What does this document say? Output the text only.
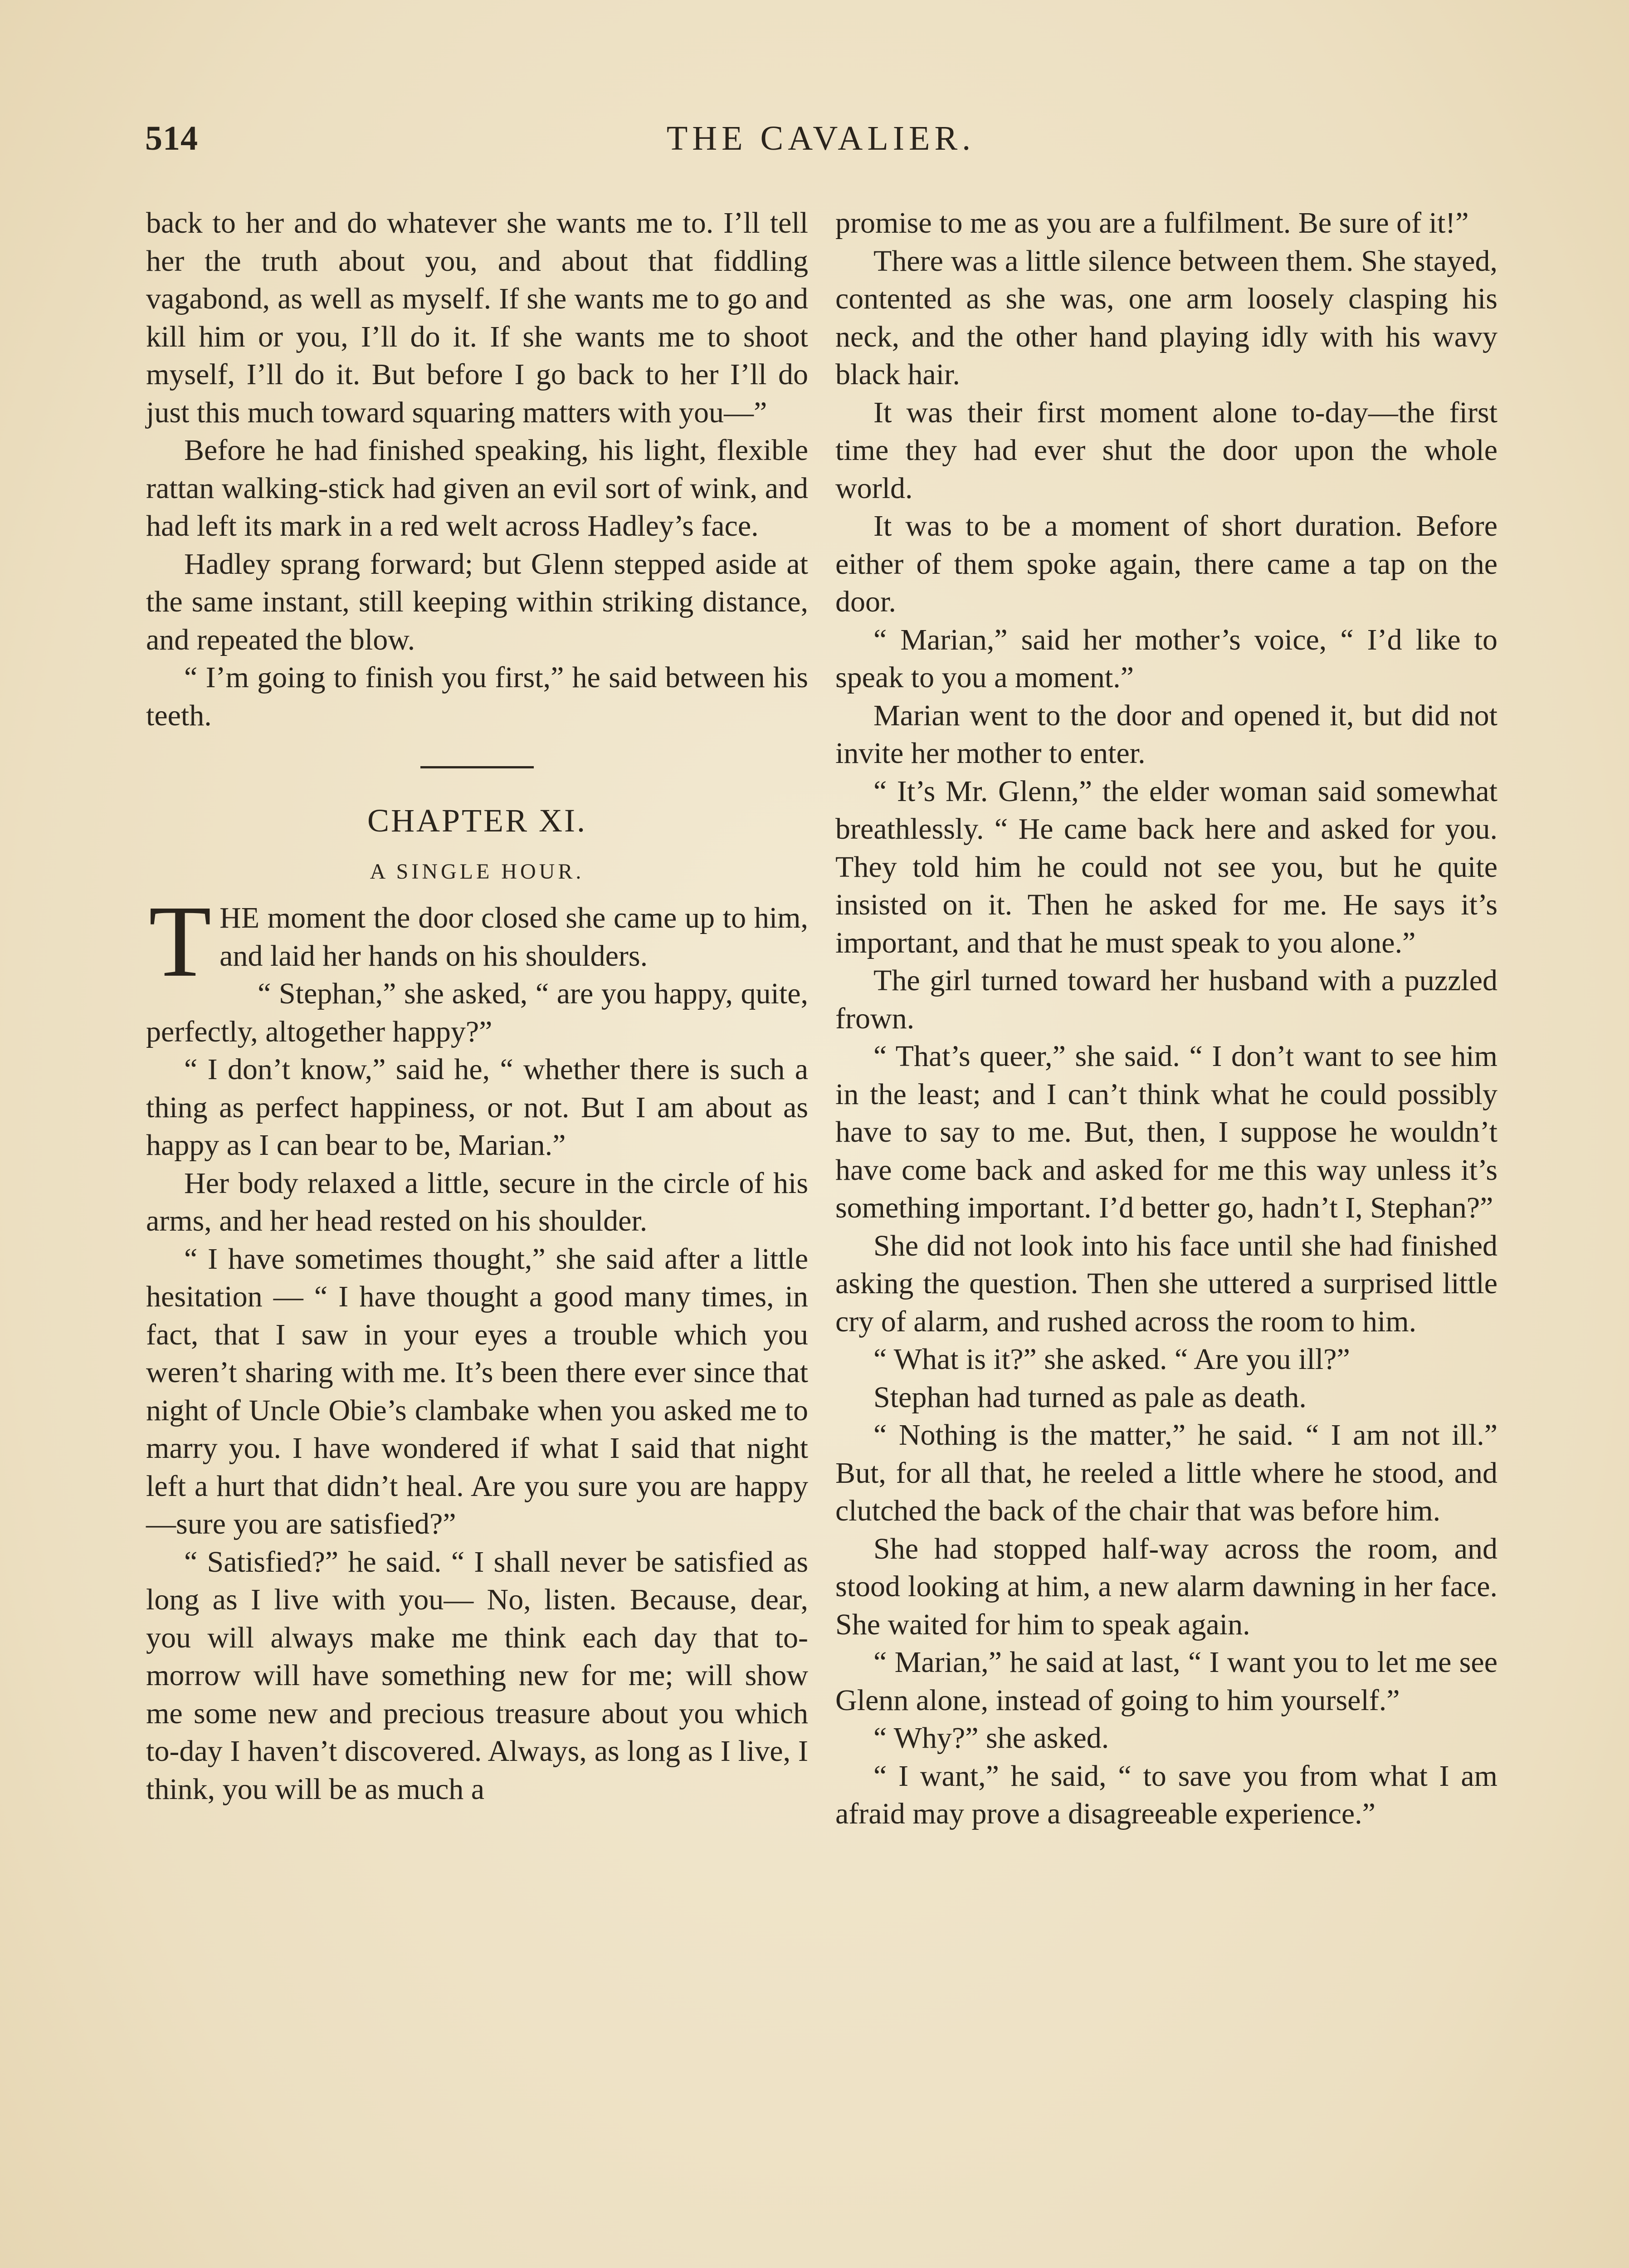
514	THE CAVALIER.

back to her and do whatever she wants me to. I’ll tell her the truth about you, and about that fiddling vagabond, as well as myself. If she wants me to go and kill him or you, I’ll do it. If she wants me to shoot myself, I’ll do it. But before I go back to her I’ll do just this much toward squaring matters with you—”

Before he had finished speaking, his light, flexible rattan walking-stick had given an evil sort of wink, and had left its mark in a red welt across Hadley’s face.

Hadley sprang forward; but Glenn stepped aside at the same instant, still keeping within striking distance, and repeated the blow.

“ I’m going to finish you first,” he said between his teeth.

CHAPTER XI.
A SINGLE HOUR.

THE moment the door closed she came up to him, and laid her hands on his shoulders.

“ Stephan,” she asked, “ are you happy, quite, perfectly, altogether happy?”

“ I don’t know,” said he, “ whether there is such a thing as perfect happiness, or not. But I am about as happy as I can bear to be, Marian.”

Her body relaxed a little, secure in the circle of his arms, and her head rested on his shoulder.

“ I have sometimes thought,” she said after a little hesitation — “ I have thought a good many times, in fact, that I saw in your eyes a trouble which you weren’t sharing with me. It’s been there ever since that night of Uncle Obie’s clambake when you asked me to marry you. I have wondered if what I said that night left a hurt that didn’t heal. Are you sure you are happy—sure you are satisfied?”

“ Satisfied?” he said. “ I shall never be satisfied as long as I live with you— No, listen. Because, dear, you will always make me think each day that to-morrow will have something new for me; will show me some new and precious treasure about you which to-day I haven’t discovered. Always, as long as I live, I think, you will be as much a

promise to me as you are a fulfilment. Be sure of it!”

There was a little silence between them. She stayed, contented as she was, one arm loosely clasping his neck, and the other hand playing idly with his wavy black hair.

It was their first moment alone to-day—the first time they had ever shut the door upon the whole world.

It was to be a moment of short duration. Before either of them spoke again, there came a tap on the door.

“ Marian,” said her mother’s voice, “ I’d like to speak to you a moment.”

Marian went to the door and opened it, but did not invite her mother to enter.

“ It’s Mr. Glenn,” the elder woman said somewhat breathlessly. “ He came back here and asked for you. They told him he could not see you, but he quite insisted on it. Then he asked for me. He says it’s important, and that he must speak to you alone.”

The girl turned toward her husband with a puzzled frown.

“ That’s queer,” she said. “ I don’t want to see him in the least; and I can’t think what he could possibly have to say to me. But, then, I suppose he wouldn’t have come back and asked for me this way unless it’s something important. I’d better go, hadn’t I, Stephan?”

She did not look into his face until she had finished asking the question. Then she uttered a surprised little cry of alarm, and rushed across the room to him.

“ What is it?” she asked. “ Are you ill?”

Stephan had turned as pale as death.

“ Nothing is the matter,” he said. “ I am not ill.” But, for all that, he reeled a little where he stood, and clutched the back of the chair that was before him.

She had stopped half-way across the room, and stood looking at him, a new alarm dawning in her face. She waited for him to speak again.

“ Marian,” he said at last, “ I want you to let me see Glenn alone, instead of going to him yourself.”

“ Why?” she asked.

“ I want,” he said, “ to save you from what I am afraid may prove a disagreeable experience.”
